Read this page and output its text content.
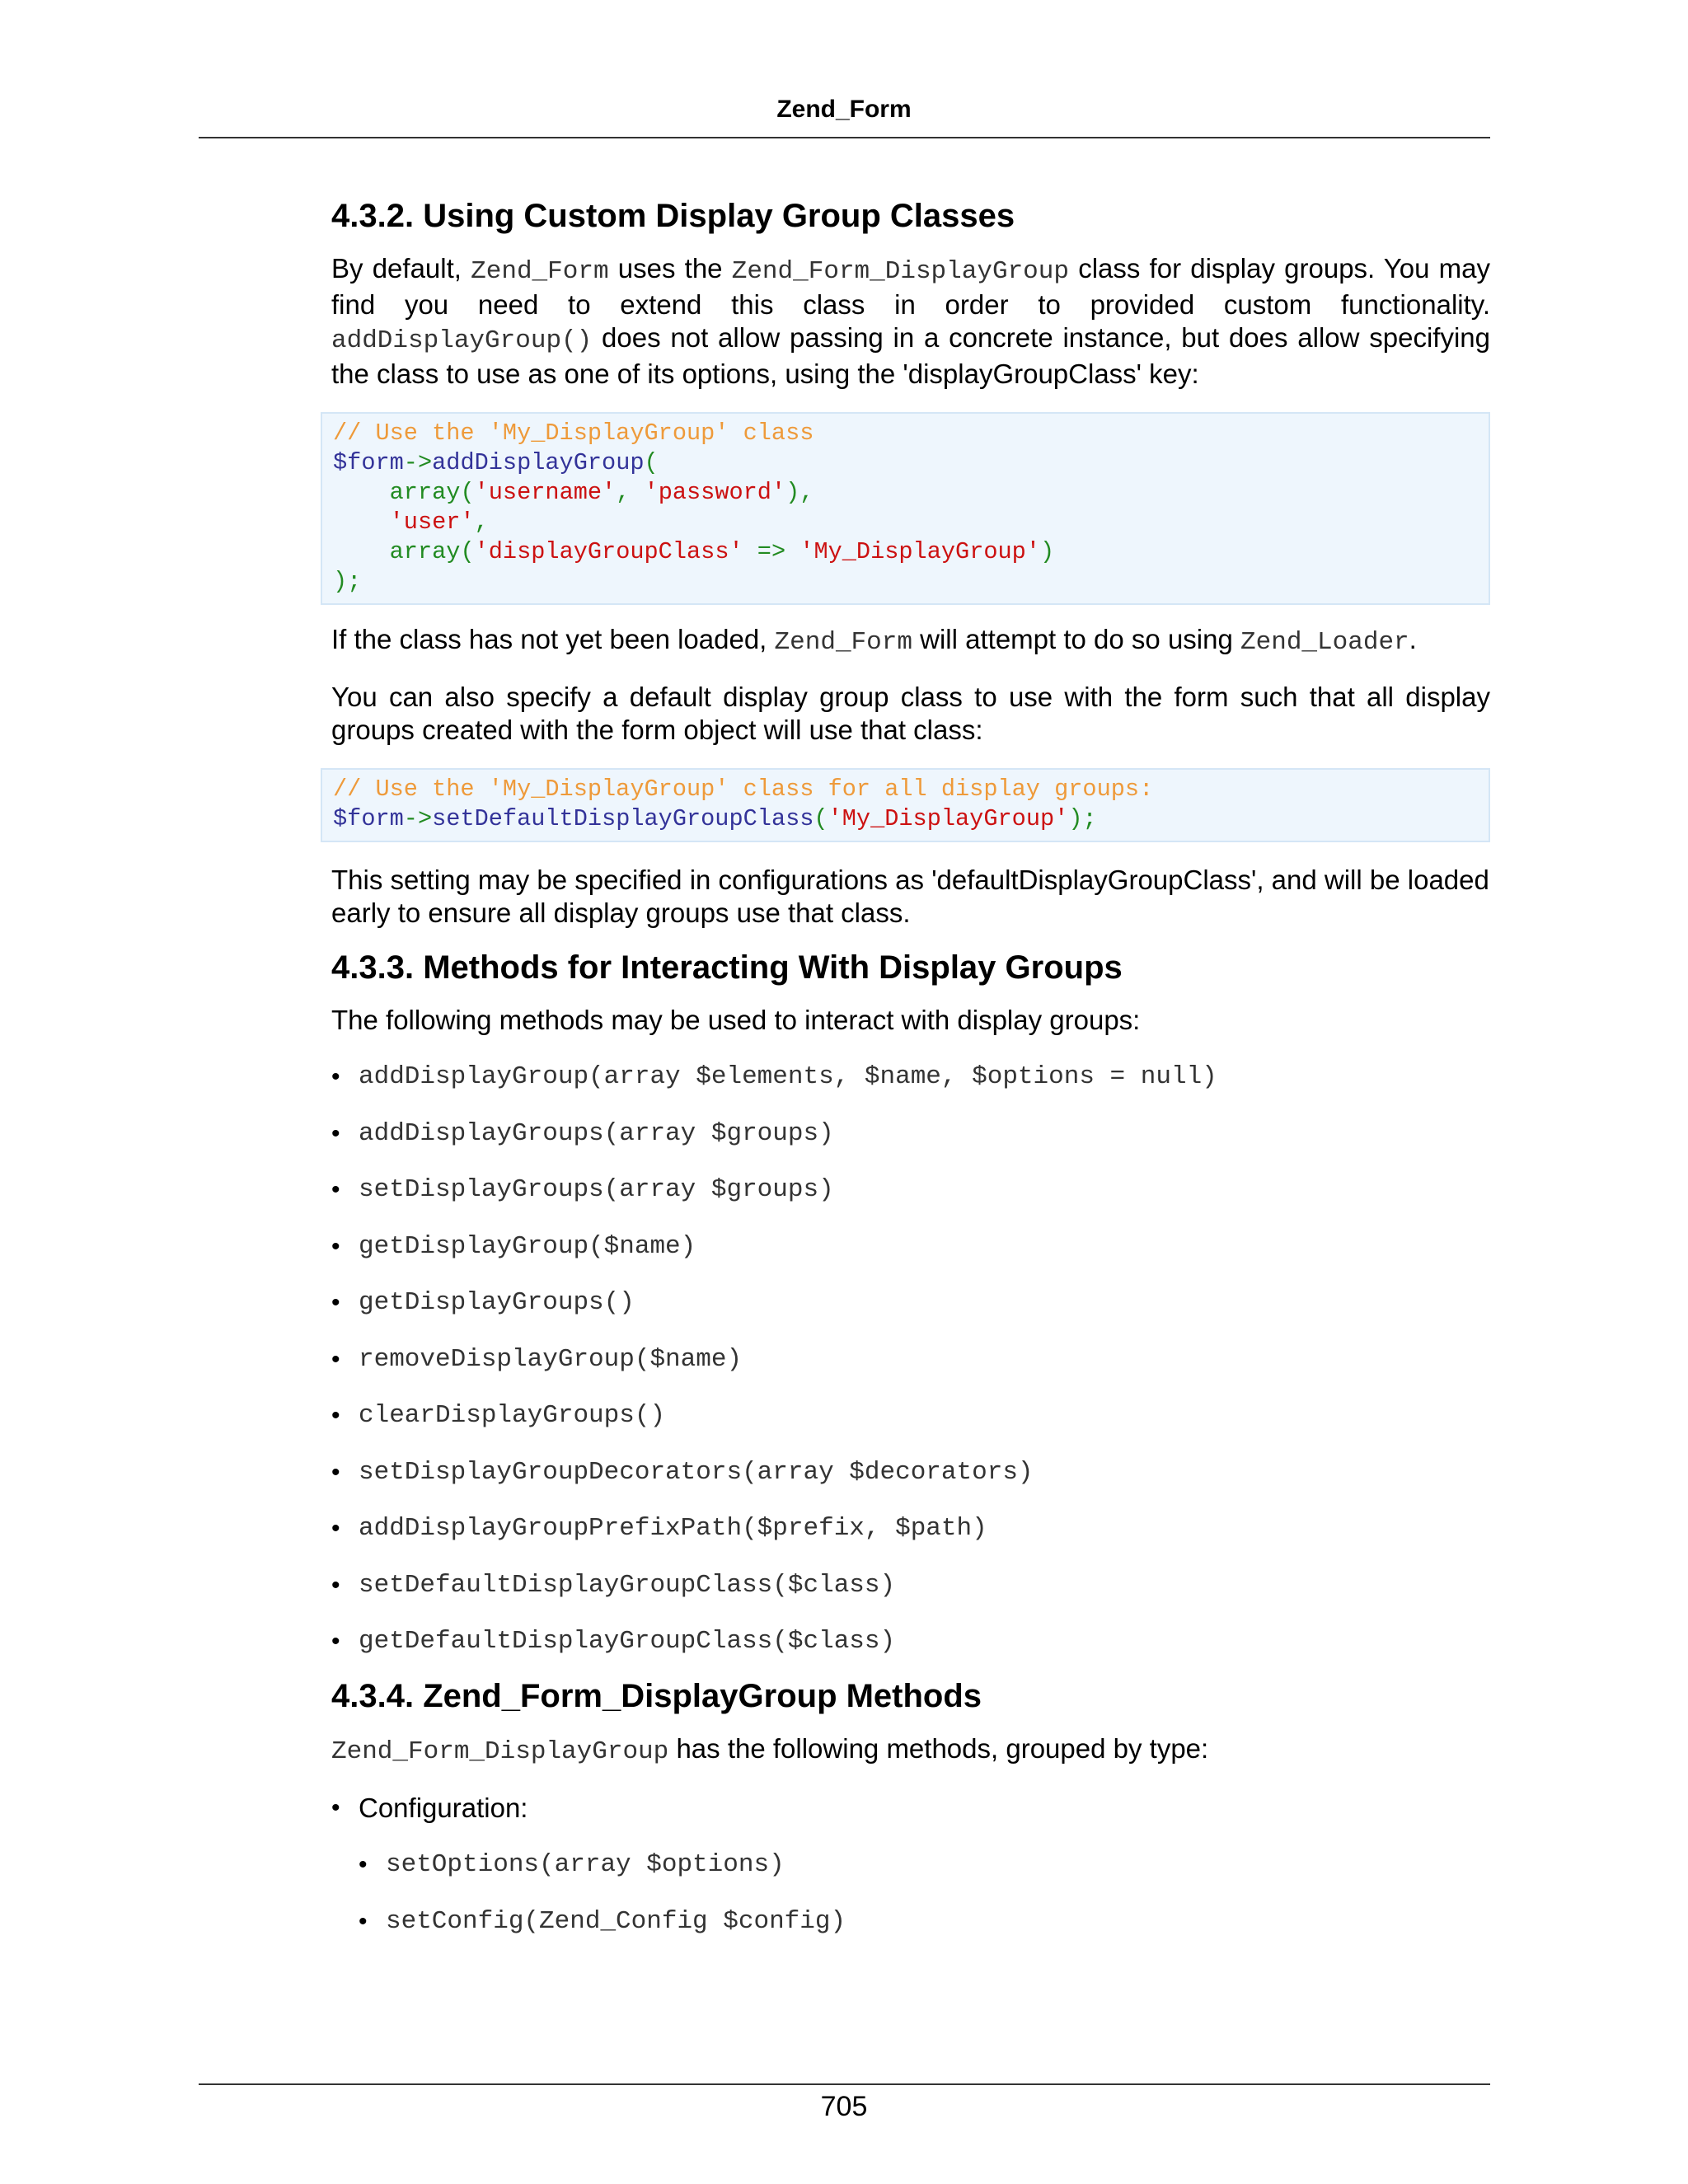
Zend_Form
4.3.2. Using Custom Display Group Classes

By default, Zend_Form uses the Zend_Form_DisplayGroup class for display groups. You may find you need to extend this class in order to provided custom functionality. addDisplayGroup() does not allow passing in a concrete instance, but does allow specifying the class to use as one of its options, using the 'displayGroupClass' key:

// Use the 'My_DisplayGroup' class
$form->addDisplayGroup(
array('username', 'password'),
'user',
array('displayGroupClass' => 'My_DisplayGroup')
);

If the class has not yet been loaded, Zend_Form will attempt to do so using Zend_Loader.

You can also specify a default display group class to use with the form such that all display groups created with the form object will use that class:

// Use the 'My_DisplayGroup' class for all display groups:
$form->setDefaultDisplayGroupClass('My_DisplayGroup');

This setting may be specified in configurations as 'defaultDisplayGroupClass', and will be loaded early to ensure all display groups use that class.

4.3.3. Methods for Interacting With Display Groups

The following methods may be used to interact with display groups:

• addDisplayGroup(array $elements, $name, $options = null)
• addDisplayGroups(array $groups)
• setDisplayGroups(array $groups)
• getDisplayGroup($name)
• getDisplayGroups()
• removeDisplayGroup($name)
• clearDisplayGroups()
• setDisplayGroupDecorators(array $decorators)
• addDisplayGroupPrefixPath($prefix, $path)
• setDefaultDisplayGroupClass($class)
• getDefaultDisplayGroupClass($class)
4.3.4. Zend_Form_DisplayGroup Methods

Zend_Form_DisplayGroup has the following methods, grouped by type:

• Configuration:
• setOptions(array $options)
• setConfig(Zend_Config $config)
705
